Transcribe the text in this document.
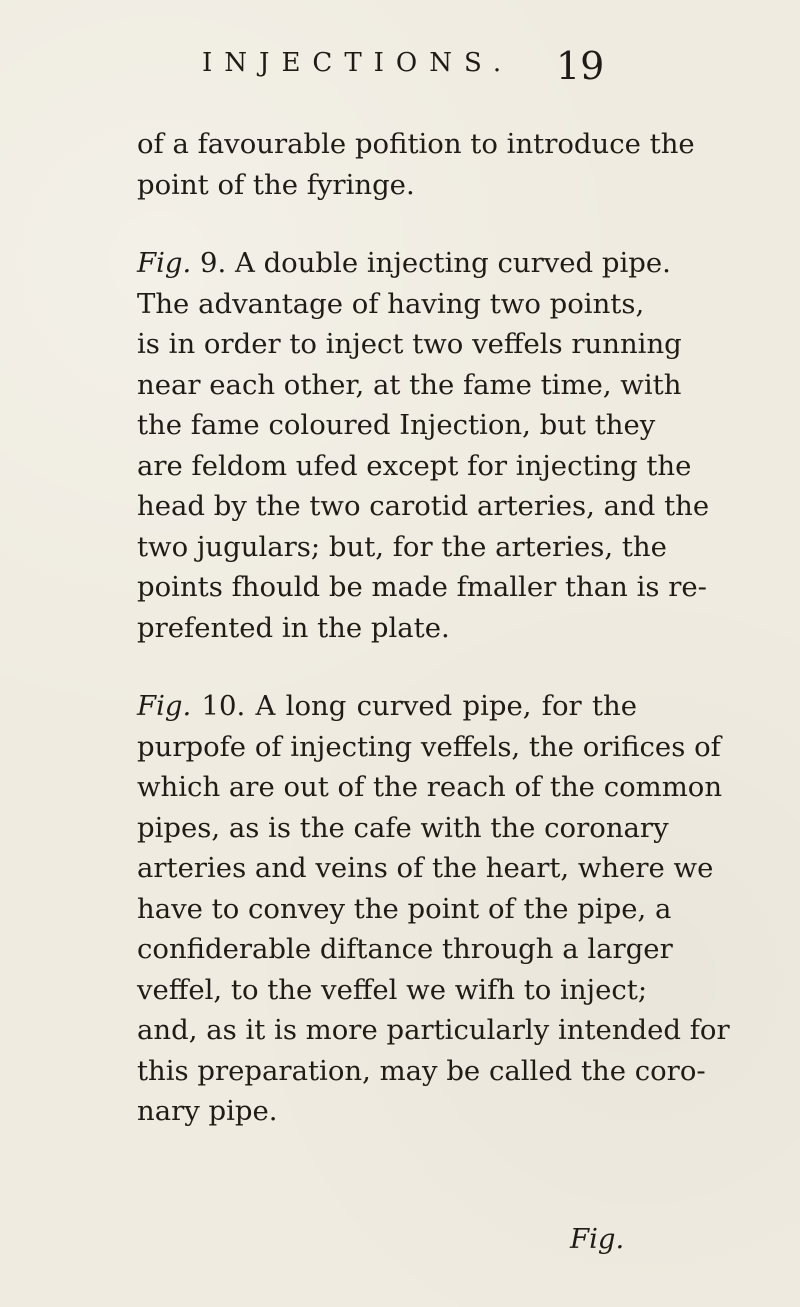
INJECTIONS. 19
of a favourable pofition to introduce the
point of the fyringe.
Fig. 9. A double injecting curved pipe.
The advantage of having two points,
is in order to inject two veffels running
near each other, at the fame time, with
the fame coloured Injection, but they
are feldom ufed except for injecting the
head by the two carotid arteries, and the
two jugulars; but, for the arteries, the
points fhould be made fmaller than is re-
prefented in the plate.
Fig. 10. A long curved pipe, for the
purpofe of injecting veffels, the orifices of
which are out of the reach of the common
pipes, as is the cafe with the coronary
arteries and veins of the heart, where we
have to convey the point of the pipe, a
confiderable diftance through a larger
veffel, to the veffel we wifh to inject;
and, as it is more particularly intended for
this preparation, may be called the coro-
nary pipe.
Fig.
